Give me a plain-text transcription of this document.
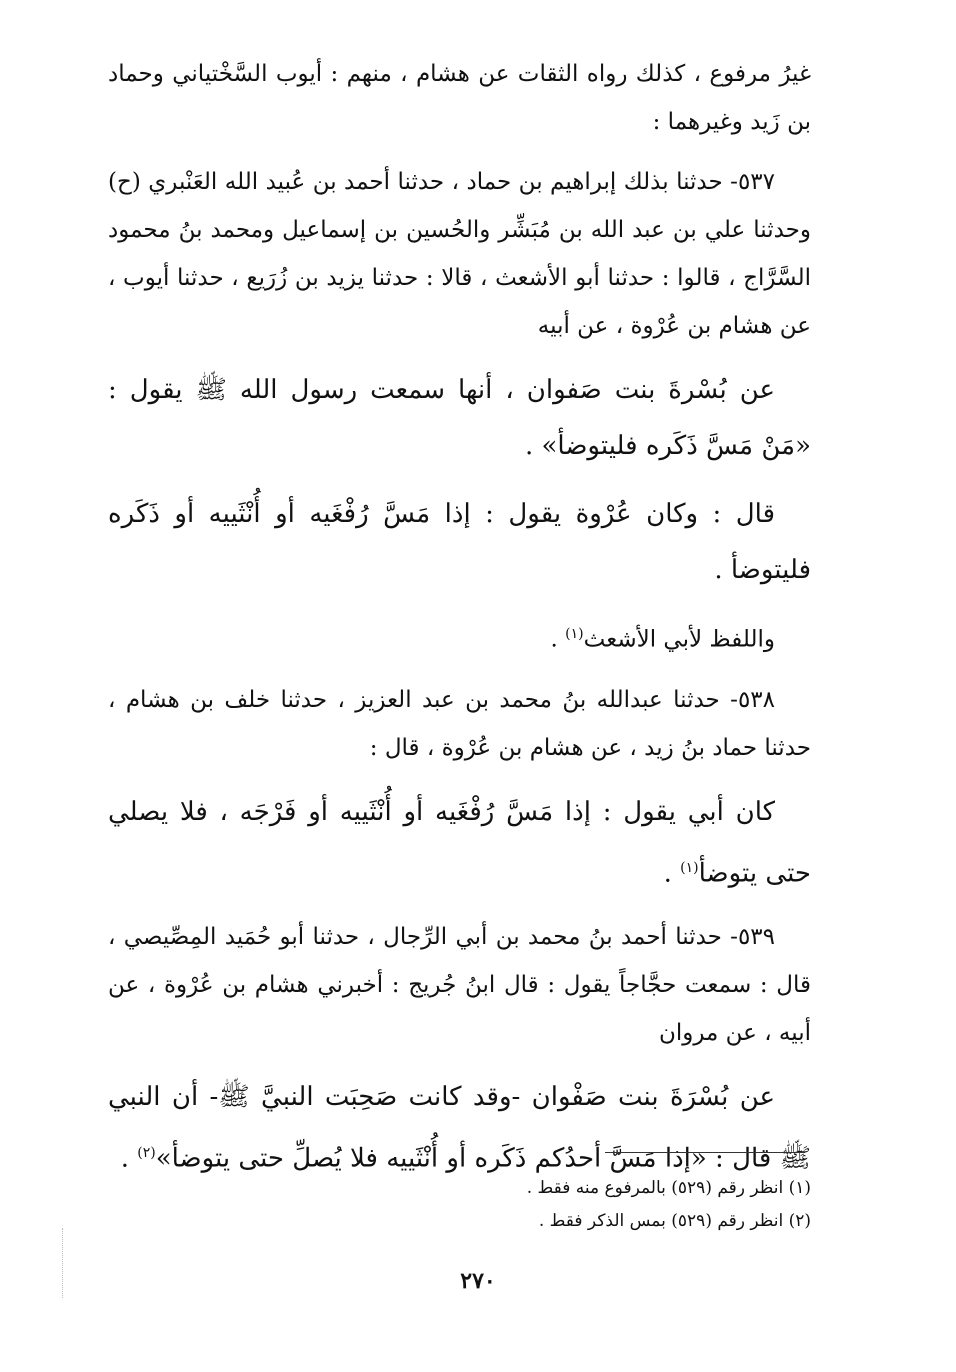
غيرُ مرفوع ، كذلك رواه الثقات عن هشام ، منهم : أيوب السَّخْتياني وحماد بن زَيد وغيرهما :

٥٣٧- حدثنا بذلك إبراهيم بن حماد ، حدثنا أحمد بن عُبيد الله العَنْبري (ح) وحدثنا علي بن عبد الله بن مُبَشِّر والحُسين بن إسماعيل ومحمد بنُ محمود السَّرَّاج ، قالوا : حدثنا أبو الأشعث ، قالا : حدثنا يزيد بن زُرَيع ، حدثنا أيوب ، عن هشام بن عُرْوة ، عن أبيه

عن بُسْرةَ بنت صَفوان ، أنها سمعت رسول الله ﷺ يقول : «مَنْ مَسَّ ذَكَره فليتوضأ» .

قال : وكان عُرْوة يقول : إذا مَسَّ رُفْغَيه أو أُنْثَييه أو ذَكَره فليتوضأ .

واللفظ لأبي الأشعث$^{(١)}$ .

٥٣٨- حدثنا عبدالله بنُ محمد بن عبد العزيز ، حدثنا خلف بن هشام ، حدثنا حماد بنُ زيد ، عن هشام بن عُرْوة ، قال :

كان أبي يقول : إذا مَسَّ رُفْغَيه أو أُنْثَييه أو فَرْجَه ، فلا يصلي حتى يتوضأ$^{(١)}$ .

٥٣٩- حدثنا أحمد بنُ محمد بن أبي الرِّجال ، حدثنا أبو حُمَيد المِصِّيصي ، قال : سمعت حجَّاجاً يقول : قال ابنُ جُريج : أخبرني هشام بن عُرْوة ، عن أبيه ، عن مروان

عن بُسْرَةَ بنت صَفْوان -وقد كانت صَحِبَت النبيَّ ﷺ- أن النبي ﷺ قال : «إذا مَسَّ أحدُكم ذَكَره أو أُنْثَييه فلا يُصلِّ حتى يتوضأ»$^{(٢)}$ .

(١) انظر رقم (٥٢٩) بالمرفوع منه فقط .

(٢) انظر رقم (٥٢٩) بمس الذكر فقط .

٢٧٠
